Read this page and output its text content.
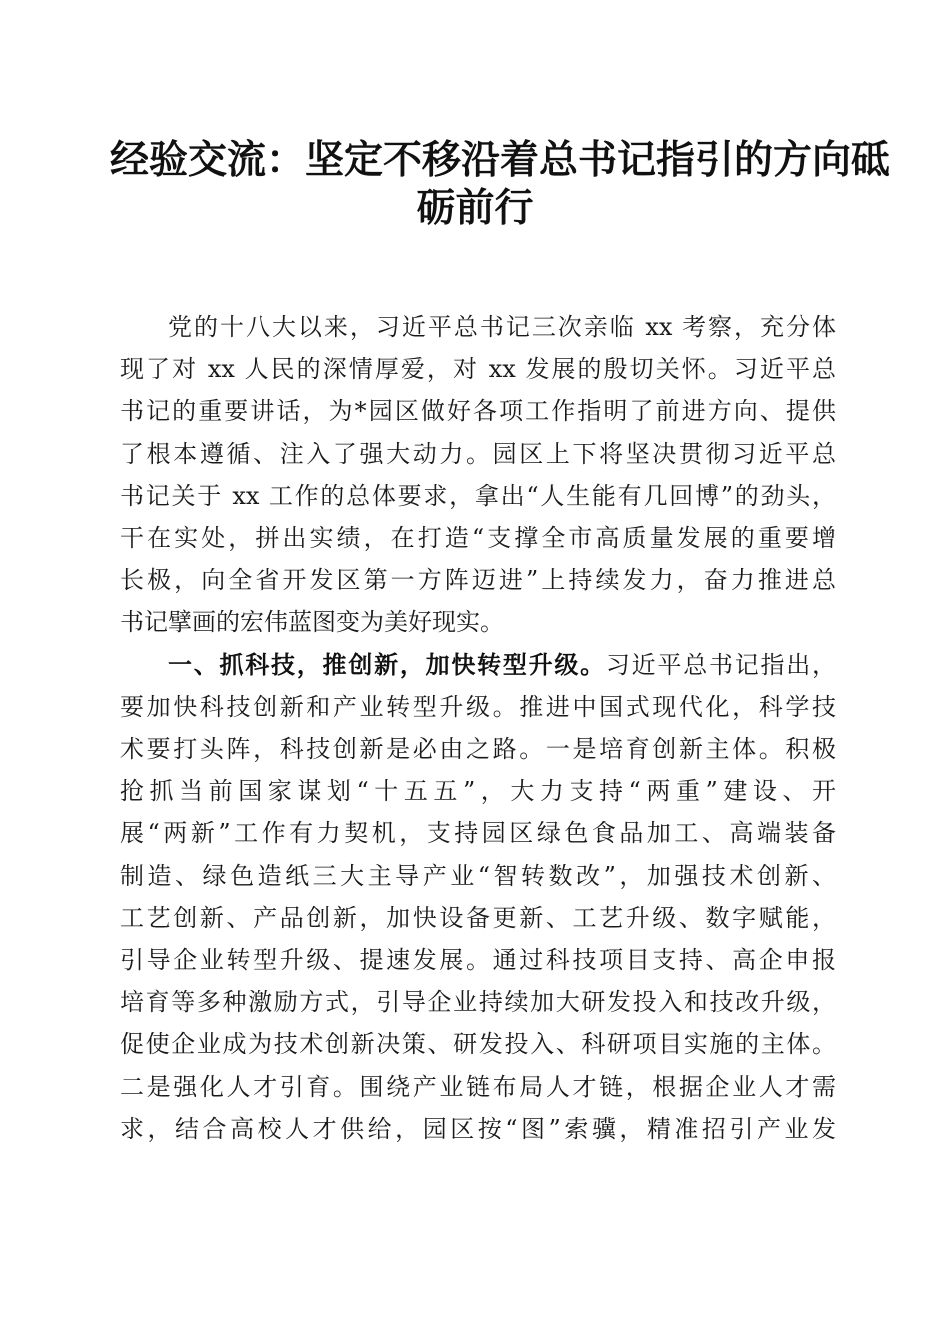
经验交流：坚定不移沿着总书记指引的方向砥
砺前行

党的十八大以来，习近平总书记三次亲临 xx 考察，充分体
现了对 xx 人民的深情厚爱，对 xx 发展的殷切关怀。习近平总
书记的重要讲话，为*园区做好各项工作指明了前进方向、提供
了根本遵循、注入了强大动力。园区上下将坚决贯彻习近平总
书记关于 xx 工作的总体要求，拿出“人生能有几回博”的劲头，
干在实处，拼出实绩，在打造“支撑全市高质量发展的重要增
长极，向全省开发区第一方阵迈进”上持续发力，奋力推进总
书记擘画的宏伟蓝图变为美好现实。

一、抓科技，推创新，加快转型升级。习近平总书记指出，
要加快科技创新和产业转型升级。推进中国式现代化，科学技
术要打头阵，科技创新是必由之路。一是培育创新主体。积极
抢抓当前国家谋划“十五五”，大力支持“两重”建设、开
展“两新”工作有力契机，支持园区绿色食品加工、高端装备
制造、绿色造纸三大主导产业“智转数改”，加强技术创新、
工艺创新、产品创新，加快设备更新、工艺升级、数字赋能，
引导企业转型升级、提速发展。通过科技项目支持、高企申报
培育等多种激励方式，引导企业持续加大研发投入和技改升级，
促使企业成为技术创新决策、研发投入、科研项目实施的主体。
二是强化人才引育。围绕产业链布局人才链，根据企业人才需
求，结合高校人才供给，园区按“图”索骥，精准招引产业发
